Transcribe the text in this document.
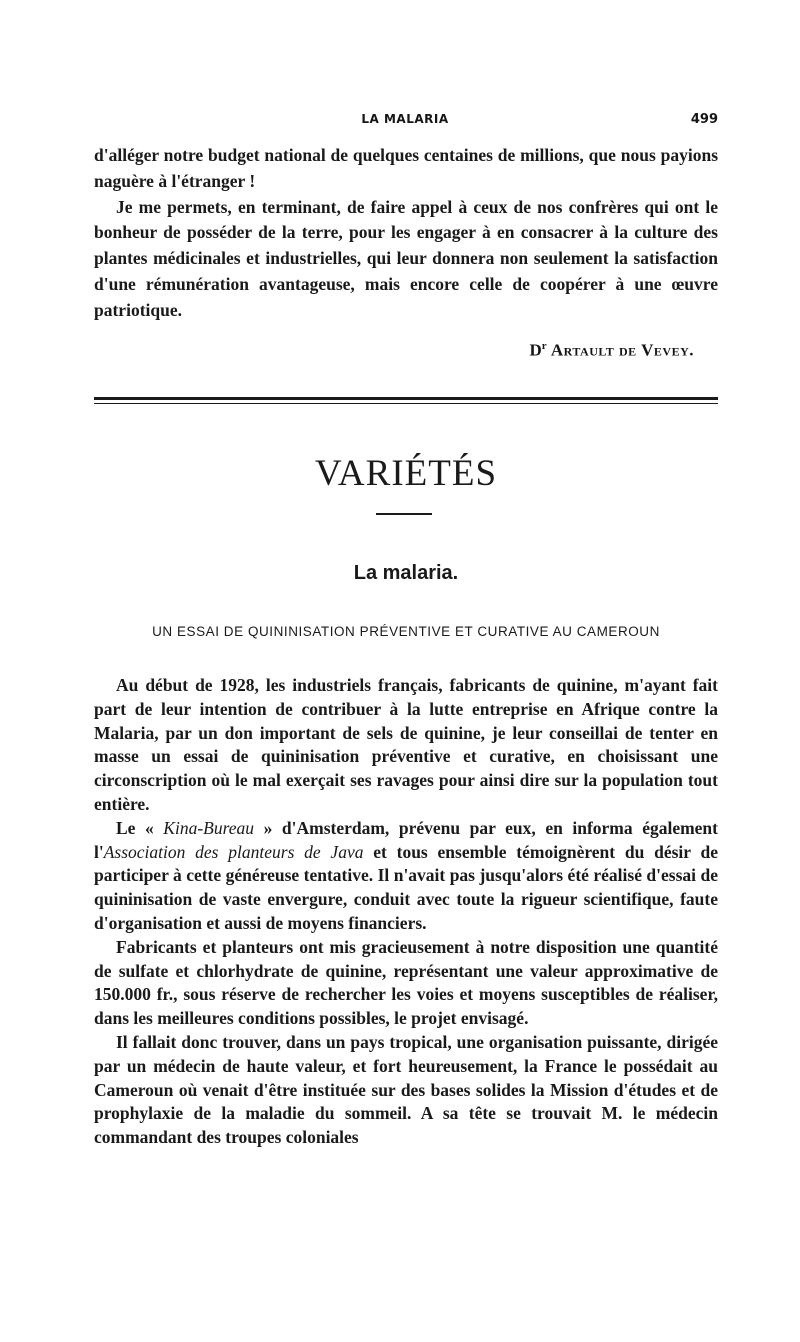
LA MALARIA	499

d'alléger notre budget national de quelques centaines de millions, que nous payions naguère à l'étranger !

Je me permets, en terminant, de faire appel à ceux de nos confrères qui ont le bonheur de posséder de la terre, pour les engager à en consacrer à la culture des plantes médicinales et industrielles, qui leur donnera non seulement la satisfaction d'une rémunération avantageuse, mais encore celle de coopérer à une œuvre patriotique.

$D^r$ Artault de Vevey.
VARIÉTÉS
La malaria.
UN ESSAI DE QUININISATION PRÉVENTIVE ET CURATIVE AU CAMEROUN

Au début de 1928, les industriels français, fabricants de quinine, m'ayant fait part de leur intention de contribuer à la lutte entreprise en Afrique contre la Malaria, par un don important de sels de quinine, je leur conseillai de tenter en masse un essai de quininisation préventive et curative, en choisissant une circonscription où le mal exerçait ses ravages pour ainsi dire sur la population tout entière.

Le « Kina-Bureau » d'Amsterdam, prévenu par eux, en informa également l'Association des planteurs de Java et tous ensemble témoignèrent du désir de participer à cette généreuse tentative. Il n'avait pas jusqu'alors été réalisé d'essai de quininisation de vaste envergure, conduit avec toute la rigueur scientifique, faute d'organisation et aussi de moyens financiers.

Fabricants et planteurs ont mis gracieusement à notre disposition une quantité de sulfate et chlorhydrate de quinine, représentant une valeur approximative de 150.000 fr., sous réserve de rechercher les voies et moyens susceptibles de réaliser, dans les meilleures conditions possibles, le projet envisagé.

Il fallait donc trouver, dans un pays tropical, une organisation puissante, dirigée par un médecin de haute valeur, et fort heureusement, la France le possédait au Cameroun où venait d'être instituée sur des bases solides la Mission d'études et de prophylaxie de la maladie du sommeil. A sa tête se trouvait M. le médecin commandant des troupes coloniales
